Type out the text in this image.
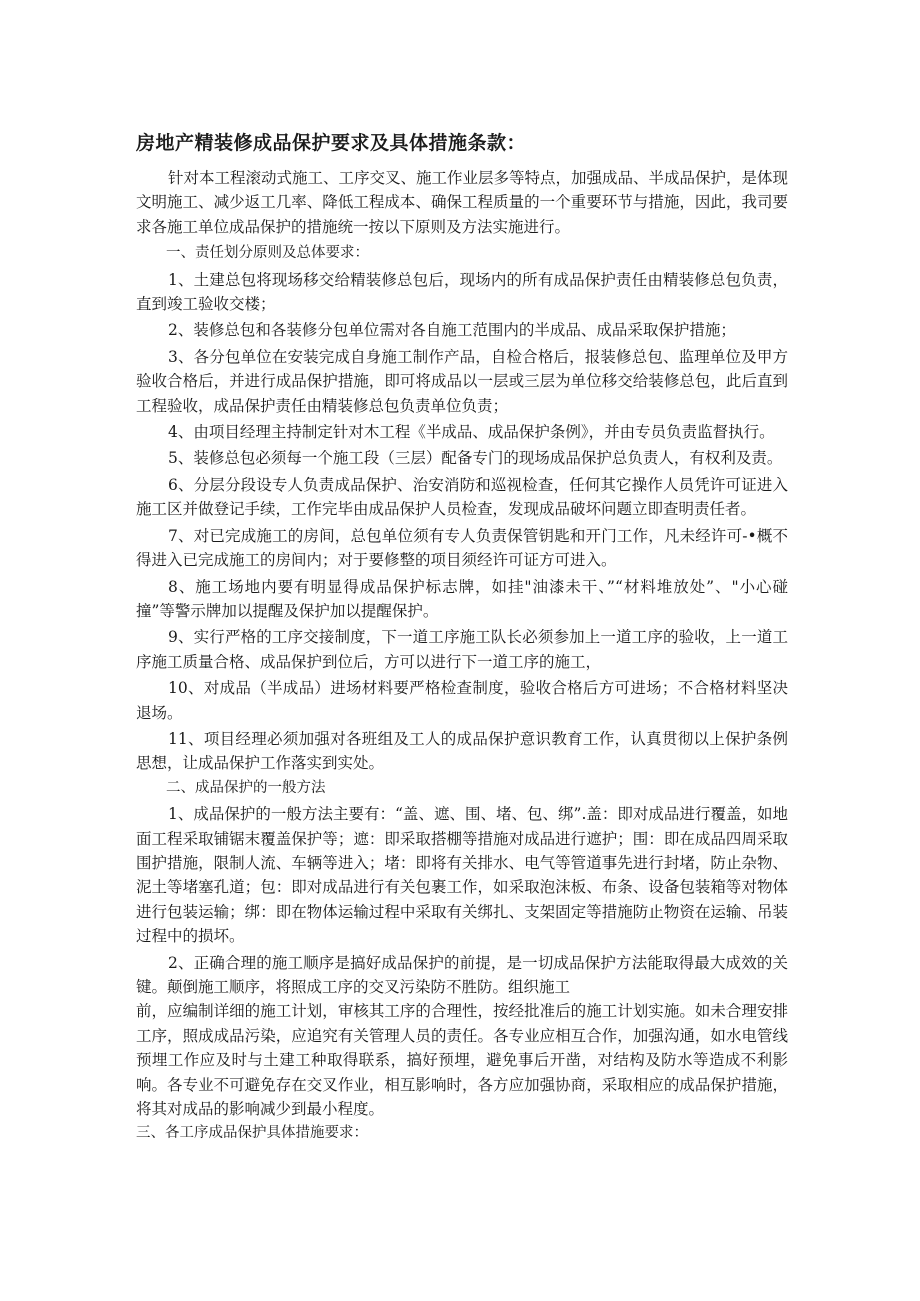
房地产精装修成品保护要求及具体措施条款：

针对本工程滚动式施工、工序交叉、施工作业层多等特点，加强成品、半成品保护，是体现文明施工、减少返工几率、降低工程成本、确保工程质量的一个重要环节与措施，因此，我司要求各施工单位成品保护的措施统一按以下原则及方法实施进行。

一、责任划分原则及总体要求：

1、土建总包将现场移交给精装修总包后，现场内的所有成品保护责任由精装修总包负责，直到竣工验收交楼；

2、装修总包和各装修分包单位需对各自施工范围内的半成品、成品采取保护措施；

3、各分包单位在安装完成自身施工制作产品，自检合格后，报装修总包、监理单位及甲方验收合格后，并进行成品保护措施，即可将成品以一层或三层为单位移交给装修总包，此后直到工程验收，成品保护责任由精装修总包负责单位负责；

4、由项目经理主持制定针对木工程《半成品、成品保护条例》，并由专员负责监督执行。

5、装修总包必须每一个施工段（三层）配备专门的现场成品保护总负责人，有权利及责。

6、分层分段设专人负责成品保护、治安消防和巡视检查，任何其它操作人员凭许可证进入施工区并做登记手续，工作完毕由成品保护人员检查，发现成品破坏问题立即查明责任者。

7、对已完成施工的房间，总包单位须有专人负责保管钥匙和开门工作，凡未经许可-•概不得进入已完成施工的房间内；对于要修整的项目须经许可证方可进入。

8、施工场地内要有明显得成品保护标志牌，如挂"油漆未干、”“材料堆放处”、"小心碰撞”等警示牌加以提醒及保护加以提醒保护。

9、实行严格的工序交接制度，下一道工序施工队长必须参加上一道工序的验收，上一道工序施工质量合格、成品保护到位后，方可以进行下一道工序的施工，

10、对成品（半成品）进场材料要严格检查制度，验收合格后方可进场；不合格材料坚决退场。

11、项目经理必须加强对各班组及工人的成品保护意识教育工作，认真贯彻以上保护条例思想，让成品保护工作落实到实处。

二、成品保护的一般方法

1、成品保护的一般方法主要有：“盖、遮、围、堵、包、绑”.盖：即对成品进行覆盖，如地面工程采取铺锯末覆盖保护等；遮：即采取搭棚等措施对成品进行遮护；围：即在成品四周采取围护措施，限制人流、车辆等进入；堵：即将有关排水、电气等管道事先进行封堵，防止杂物、泥土等堵塞孔道；包：即对成品进行有关包裹工作，如采取泡沫板、布条、设备包装箱等对物体进行包装运输；绑：即在物体运输过程中采取有关绑扎、支架固定等措施防止物资在运输、吊装过程中的损坏。

2、正确合理的施工顺序是搞好成品保护的前提，是一切成品保护方法能取得最大成效的关键。颠倒施工顺序，将照成工序的交叉污染防不胜防。组织施工

前，应编制详细的施工计划，审核其工序的合理性，按经批准后的施工计划实施。如未合理安排工序，照成成品污染，应追究有关管理人员的责任。各专业应相互合作，加强沟通，如水电管线预埋工作应及时与土建工种取得联系，搞好预埋，避免事后开凿，对结构及防水等造成不利影响。各专业不可避免存在交叉作业，相互影响时，各方应加强协商，采取相应的成品保护措施，将其对成品的影响减少到最小程度。

三、各工序成品保护具体措施要求：
